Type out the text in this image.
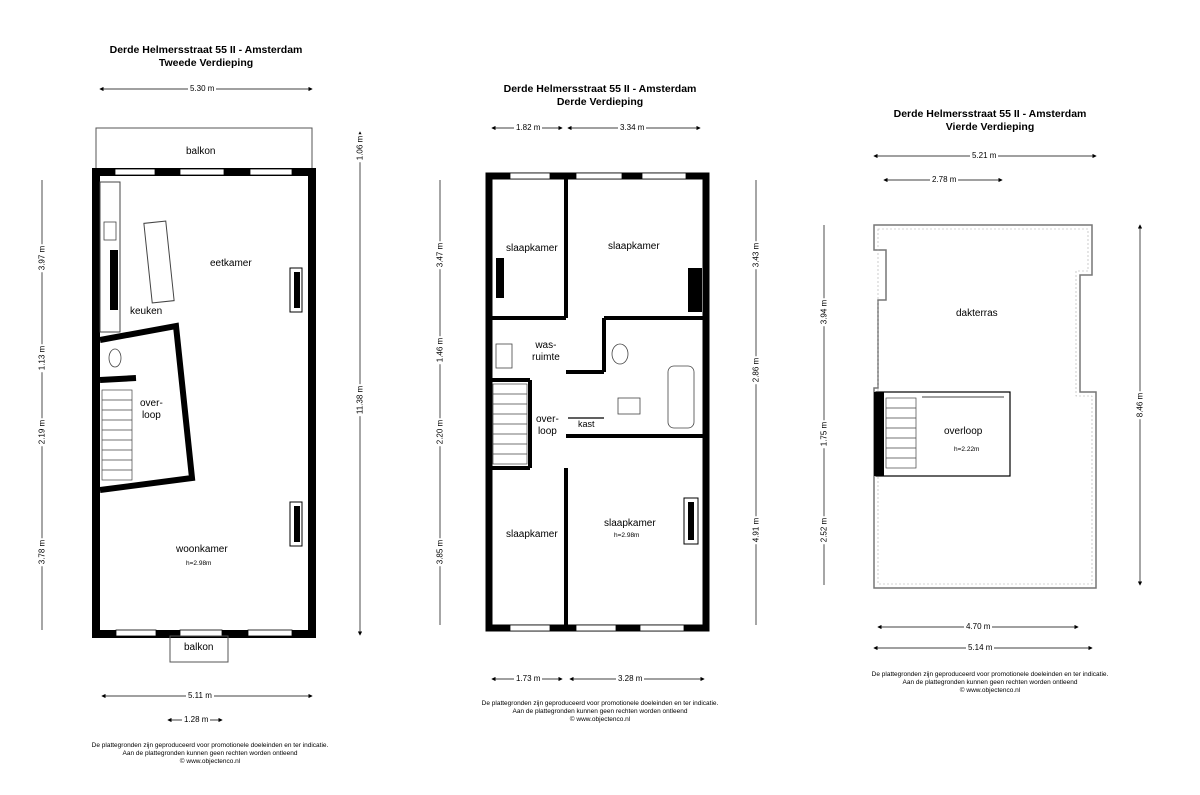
Derde Helmersstraat 55 II - Amsterdam
Tweede Verdieping
5.30 m
1.06 m
11.38 m
3.97 m
1.13 m
2.19 m
3.78 m
5.11 m
1.28 m
balkon
eetkamer
keuken
over-
loop
woonkamer
h=2.98m
balkon
De plattegronden zijn geproduceerd voor promotionele doeleinden en ter indicatie.
Aan de plattegronden kunnen geen rechten worden ontleend
© www.objectenco.nl
Derde Helmersstraat 55 II - Amsterdam
Derde Verdieping
1.82 m	3.34 m
3.47 m
1.46 m
2.20 m
3.85 m
3.43 m
2.86 m
4.91 m
1.73 m	3.28 m
slaapkamer	slaapkamer
was-
ruimte
over-
loop
kast
slaapkamer
slaapkamer
h=2.98m
De plattegronden zijn geproduceerd voor promotionele doeleinden en ter indicatie.
Aan de plattegronden kunnen geen rechten worden ontleend
© www.objectenco.nl
Derde Helmersstraat 55 II - Amsterdam
Vierde Verdieping
5.21 m
2.78 m
3.94 m
1.75 m
2.52 m
8.46 m
4.70 m
5.14 m
dakterras
overloop
h=2.22m
De plattegronden zijn geproduceerd voor promotionele doeleinden en ter indicatie.
Aan de plattegronden kunnen geen rechten worden ontleend
© www.objectenco.nl
